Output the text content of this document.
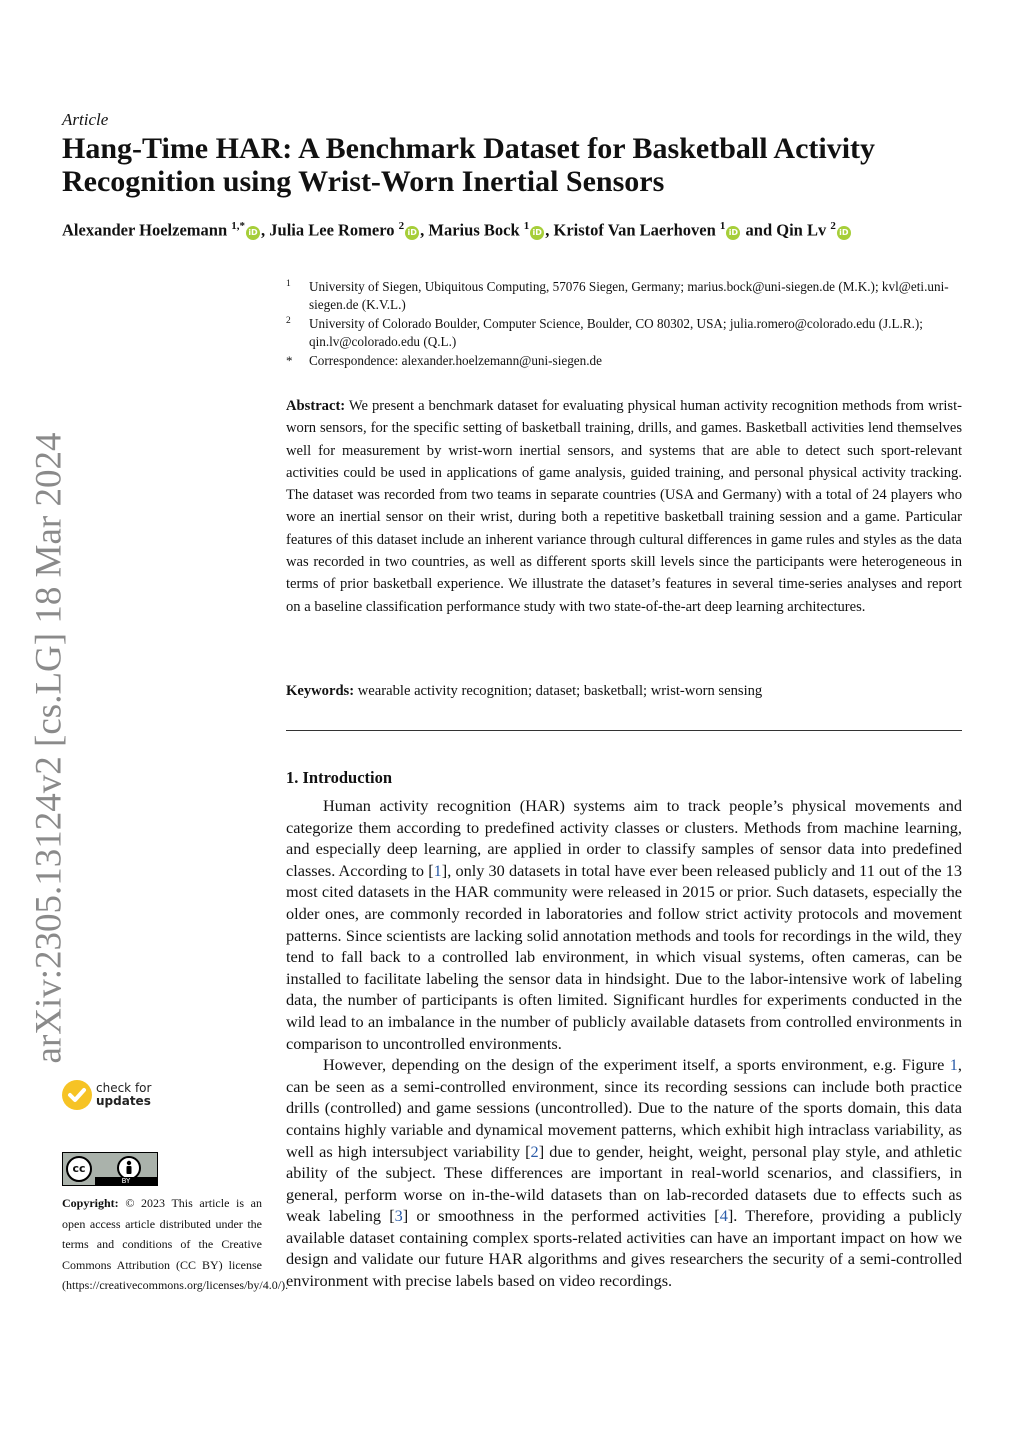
arXiv:2305.13124v2 [cs.LG] 18 Mar 2024
Article
Hang-Time HAR: A Benchmark Dataset for Basketball Activity
Recognition using Wrist-Worn Inertial Sensors
Alexander Hoelzemann $^{1,*}$ iD , Julia Lee Romero $^2$ iD , Marius Bock $^1$ iD , Kristof Van Laerhoven $^1$ iD and Qin Lv $^2$ iD
1 University of Siegen, Ubiquitous Computing, 57076 Siegen, Germany; marius.bock@uni-siegen.de (M.K.); kvl@eti.uni-siegen.de (K.V.L.)
2 University of Colorado Boulder, Computer Science, Boulder, CO 80302, USA; julia.romero@colorado.edu (J.L.R.); qin.lv@colorado.edu (Q.L.)
* Correspondence: alexander.hoelzemann@uni-siegen.de

Abstract: We present a benchmark dataset for evaluating physical human activity recognition methods from wrist-worn sensors, for the specific setting of basketball training, drills, and games. Basketball activities lend themselves well for measurement by wrist-worn inertial sensors, and systems that are able to detect such sport-relevant activities could be used in applications of game analysis, guided training, and personal physical activity tracking. The dataset was recorded from two teams in separate countries (USA and Germany) with a total of 24 players who wore an inertial sensor on their wrist, during both a repetitive basketball training session and a game. Particular features of this dataset include an inherent variance through cultural differences in game rules and styles as the data was recorded in two countries, as well as different sports skill levels since the participants were heterogeneous in terms of prior basketball experience. We illustrate the dataset’s features in several time-series analyses and report on a baseline classification performance study with two state-of-the-art deep learning architectures.

Keywords: wearable activity recognition; dataset; basketball; wrist-worn sensing

1. Introduction

Human activity recognition (HAR) systems aim to track people’s physical movements and categorize them according to predefined activity classes or clusters. Methods from machine learning, and especially deep learning, are applied in order to classify samples of sensor data into predefined classes. According to [1], only 30 datasets in total have ever been released publicly and 11 out of the 13 most cited datasets in the HAR community were released in 2015 or prior. Such datasets, especially the older ones, are commonly recorded in laboratories and follow strict activity protocols and movement patterns. Since scientists are lacking solid annotation methods and tools for recordings in the wild, they tend to fall back to a controlled lab environment, in which visual systems, often cameras, can be installed to facilitate labeling the sensor data in hindsight. Due to the labor-intensive work of labeling data, the number of participants is often limited. Significant hurdles for experiments conducted in the wild lead to an imbalance in the number of publicly available datasets from controlled environments in comparison to uncontrolled environments.

However, depending on the design of the experiment itself, a sports environment, e.g. Figure 1, can be seen as a semi-controlled environment, since its recording sessions can include both practice drills (controlled) and game sessions (uncontrolled). Due to the nature of the sports domain, this data contains highly variable and dynamical movement patterns, which exhibit high intraclass variability, as well as high intersubject variability [2] due to gender, height, weight, personal play style, and athletic ability of the subject. These differences are important in real-world scenarios, and classifiers, in general, perform worse on in-the-wild datasets than on lab-recorded datasets due to effects such as weak labeling [3] or smoothness in the performed activities [4]. Therefore, providing a publicly available dataset containing complex sports-related activities can have an important impact on how we design and validate our future HAR algorithms and gives researchers the security of a semi-controlled environment with precise labels based on video recordings.

check for
updates
cc
BY

Copyright: © 2023 This article is an open access article distributed under the terms and conditions of the Creative Commons Attribution (CC BY) license (https://creativecommons.org/licenses/by/4.0/).
